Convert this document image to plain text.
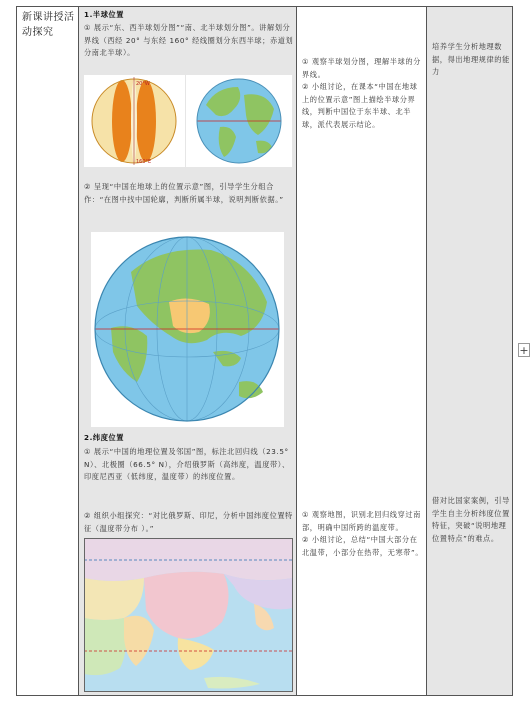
新课讲授活动探究
1.半球位置
① 展示“东、西半球划分图”“南、北半球划分图”。讲解划分界线（西经 20° 与东经 160° 经线圈划分东西半球；赤道划分南北半球）。
20°W
160°E
② 呈现“中国在地球上的位置示意”图，引导学生分组合作：“在图中找中国轮廓，判断所属半球，说明判断依据。”
2.纬度位置
① 展示“中国的地理位置及邻国”图，标注北回归线（23.5° N）、北极圈（66.5° N），介绍俄罗斯（高纬度，温度带）、印度尼西亚（低纬度，温度带）的纬度位置。
② 组织小组探究：“对比俄罗斯、印尼，分析中国纬度位置特征（温度带分布 ）。”
① 观察半球划分图，理解半球的分界线。
② 小组讨论，在课本“中国在地球上的位置示意”图上描绘半球分界线，判断中国位于东半球、北半球，派代表展示结论。
① 观察地图，识别北回归线穿过南部，明确中国所跨的温度带。
② 小组讨论，总结“中国大部分在北温带，小部分在热带，无寒带”。
培养学生分析地理数据，得出地理规律的能力
借对比国家案例，引导学生自主分析纬度位置特征，突破“说明地理位置特点”的难点。
+
